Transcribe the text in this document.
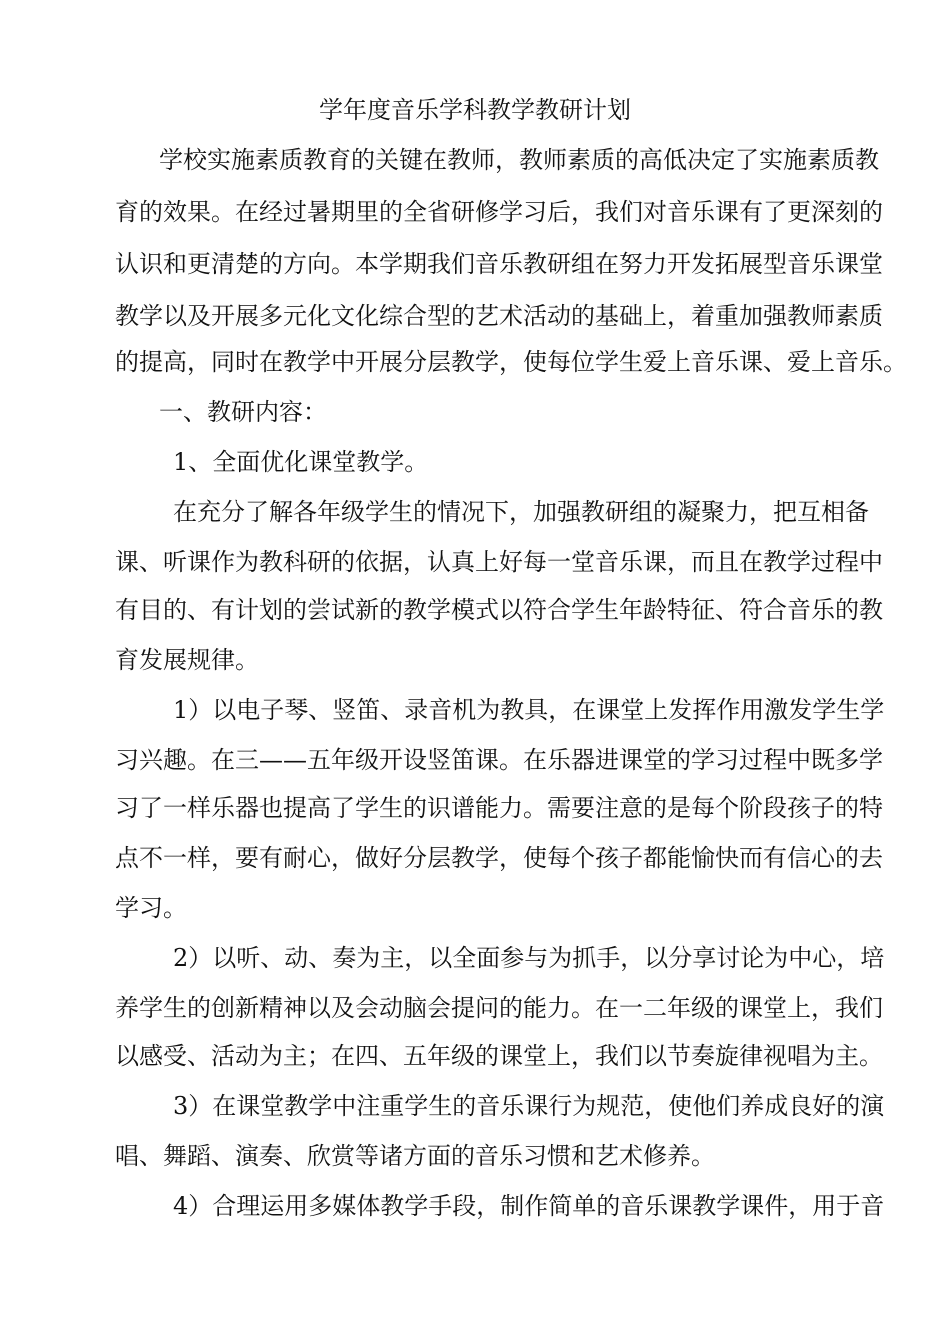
学年度音乐学科教学教研计划

学校实施素质教育的关键在教师，教师素质的高低决定了实施素质教

育的效果。在经过暑期里的全省研修学习后，我们对音乐课有了更深刻的

认识和更清楚的方向。本学期我们音乐教研组在努力开发拓展型音乐课堂

教学以及开展多元化文化综合型的艺术活动的基础上，着重加强教师素质

的提高，同时在教学中开展分层教学，使每位学生爱上音乐课、爱上音乐。

一、教研内容：

1、全面优化课堂教学。

在充分了解各年级学生的情况下，加强教研组的凝聚力，把互相备

课、听课作为教科研的依据，认真上好每一堂音乐课，而且在教学过程中

有目的、有计划的尝试新的教学模式以符合学生年龄特征、符合音乐的教

育发展规律。

1）以电子琴、竖笛、录音机为教具，在课堂上发挥作用激发学生学

习兴趣。在三——五年级开设竖笛课。在乐器进课堂的学习过程中既多学

习了一样乐器也提高了学生的识谱能力。需要注意的是每个阶段孩子的特

点不一样，要有耐心，做好分层教学，使每个孩子都能愉快而有信心的去

学习。

2）以听、动、奏为主，以全面参与为抓手，以分享讨论为中心，培

养学生的创新精神以及会动脑会提问的能力。在一二年级的课堂上，我们

以感受、活动为主；在四、五年级的课堂上，我们以节奏旋律视唱为主。

3）在课堂教学中注重学生的音乐课行为规范，使他们养成良好的演

唱、舞蹈、演奏、欣赏等诸方面的音乐习惯和艺术修养。

4）合理运用多媒体教学手段，制作简单的音乐课教学课件，用于音
